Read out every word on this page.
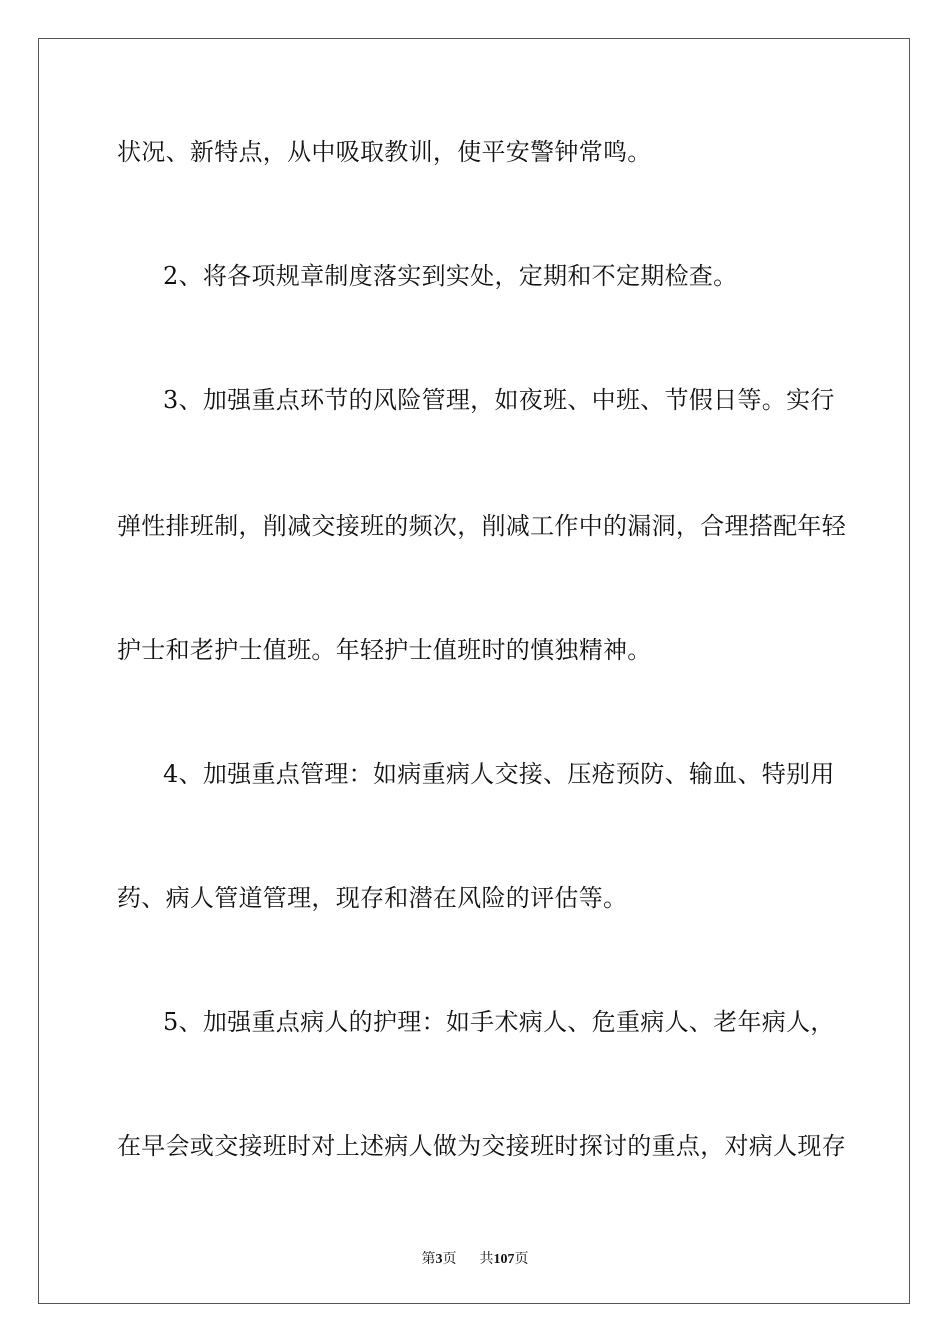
状况、新特点，从中吸取教训，使平安警钟常鸣。
2、将各项规章制度落实到实处，定期和不定期检查。
3、加强重点环节的风险管理，如夜班、中班、节假日等。实行
弹性排班制，削减交接班的频次，削减工作中的漏洞，合理搭配年轻
护士和老护士值班。年轻护士值班时的慎独精神。
4、加强重点管理：如病重病人交接、压疮预防、输血、特别用
药、病人管道管理，现存和潜在风险的评估等。
5、加强重点病人的护理：如手术病人、危重病人、老年病人，
在早会或交接班时对上述病人做为交接班时探讨的重点，对病人现存
第3页 共107页
